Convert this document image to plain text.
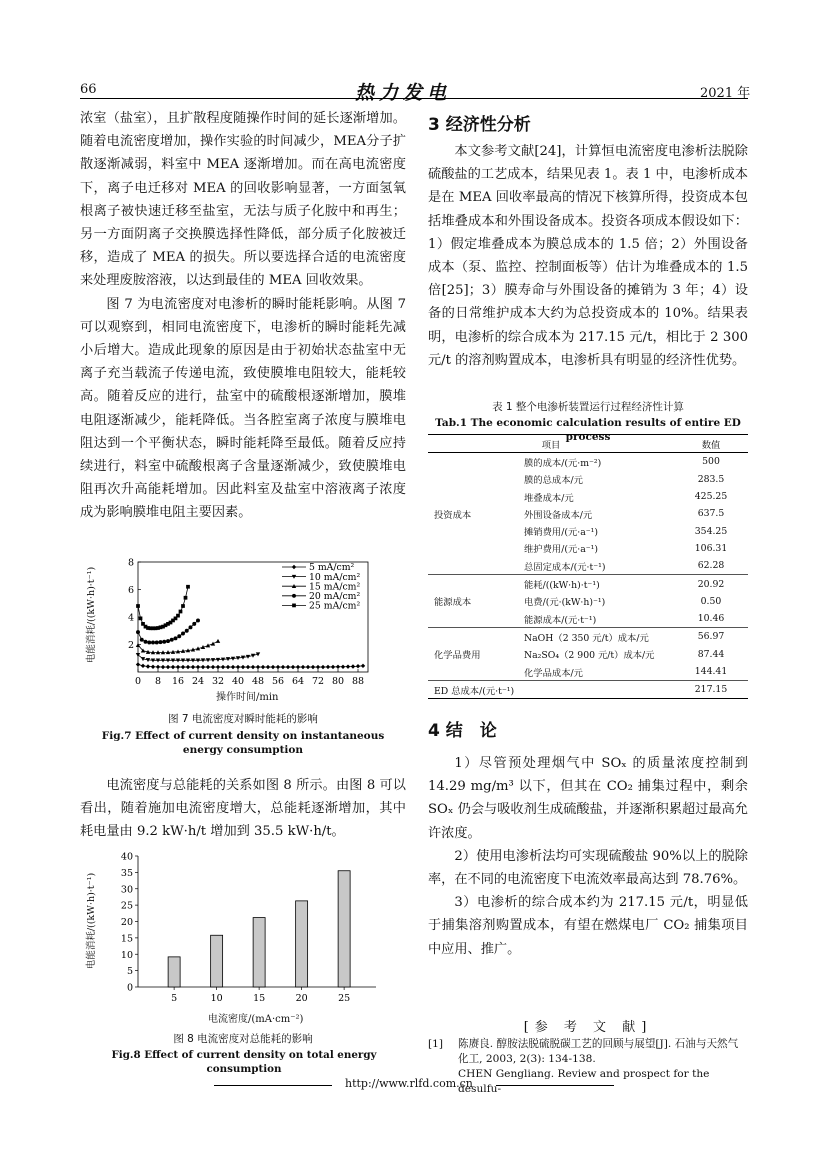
66	热力发电	2021 年

浓室（盐室），且扩散程度随操作时间的延长逐渐增加。随着电流密度增加，操作实验的时间减少，MEA分子扩散逐渐减弱，料室中 MEA 逐渐增加。而在高电流密度下，离子电迁移对 MEA 的回收影响显著，一方面氢氧根离子被快速迁移至盐室，无法与质子化胺中和再生；另一方面阴离子交换膜选择性降低，部分质子化胺被迁移，造成了 MEA 的损失。所以要选择合适的电流密度来处理废胺溶液，以达到最佳的 MEA 回收效果。

图 7 为电流密度对电渗析的瞬时能耗影响。从图 7 可以观察到，相同电流密度下，电渗析的瞬时能耗先减小后增大。造成此现象的原因是由于初始状态盐室中无离子充当载流子传递电流，致使膜堆电阻较大，能耗较高。随着反应的进行，盐室中的硫酸根逐渐增加，膜堆电阻逐渐减少，能耗降低。当各腔室离子浓度与膜堆电阻达到一个平衡状态，瞬时能耗降至最低。随着反应持续进行，料室中硫酸根离子含量逐渐减少，致使膜堆电阻再次升高能耗增加。因此料室及盐室中溶液离子浓度成为影响膜堆电阻主要因素。

0 8 16 24 32 40 48 56 64 72 80 88
2
4
6
8	5 mA/cm²
10 mA/cm²
15 mA/cm²
20 mA/cm²
25 mA/cm²
电能消耗/((kW·h)·t⁻¹)
操作时间/min
图 7 电流密度对瞬时能耗的影响
Fig.7 Effect of current density on instantaneous energy consumption

电流密度与总能耗的关系如图 8 所示。由图 8 可以看出，随着施加电流密度增大，总能耗逐渐增加，其中耗电量由 9.2 kW·h/t 增加到 35.5 kW·h/t。

0
5
10
15
20
25
30
35
40
5	10	15	20	25
电能消耗/((kW·h)·t⁻¹)
电流密度/(mA·cm⁻²)
图 8 电流密度对总能耗的影响
Fig.8 Effect of current density on total energy consumption
3 经济性分析

本文参考文献[24]，计算恒电流密度电渗析法脱除硫酸盐的工艺成本，结果见表 1。表 1 中，电渗析成本是在 MEA 回收率最高的情况下核算所得，投资成本包括堆叠成本和外围设备成本。投资各项成本假设如下：1）假定堆叠成本为膜总成本的 1.5 倍；2）外围设备成本（泵、监控、控制面板等）估计为堆叠成本的 1.5 倍[25]；3）膜寿命与外围设备的摊销为 3 年；4）设备的日常维护成本大约为总投资成本的 10%。结果表明，电渗析的综合成本为 217.15 元/t，相比于 2 300 元/t 的溶剂购置成本，电渗析具有明显的经济性优势。

表 1 整个电渗析装置运行过程经济性计算
Tab.1 The economic calculation results of entire ED process
项目		数值
投资成本	膜的成本/(元·m⁻²)	500
	膜的总成本/元	283.5
	堆叠成本/元	425.25
	外围设备成本/元	637.5
	摊销费用/(元·a⁻¹)	354.25
	维护费用/(元·a⁻¹)	106.31
	总固定成本/(元·t⁻¹)	62.28
能源成本	能耗/((kW·h)·t⁻¹)	20.92
	电费/(元·(kW·h)⁻¹)	0.50
	能源成本/(元·t⁻¹)	10.46
化学品费用	NaOH（2 350 元/t）成本/元	56.97
	Na₂SO₄（2 900 元/t）成本/元	87.44
	化学品成本/元	144.41
ED 总成本/(元·t⁻¹)		217.15
4 结　论

1）尽管预处理烟气中 SOₓ 的质量浓度控制到 14.29 mg/m³ 以下，但其在 CO₂ 捕集过程中，剩余 SOₓ 仍会与吸收剂生成硫酸盐，并逐渐积累超过最高允许浓度。

2）使用电渗析法均可实现硫酸盐 90%以上的脱除率，在不同的电流密度下电流效率最高达到 78.76%。

3）电渗析的综合成本约为 217.15 元/t，明显低于捕集溶剂购置成本，有望在燃煤电厂 CO₂ 捕集项目中应用、推广。

[参 考 文 献]
[1]	陈赓良. 醇胺法脱硫脱碳工艺的回顾与展望[J]. 石油与天然气化工, 2003, 2(3): 134-138.
CHEN Gengliang. Review and prospect for the desulfu-
http://www.rlfd.com.cn
